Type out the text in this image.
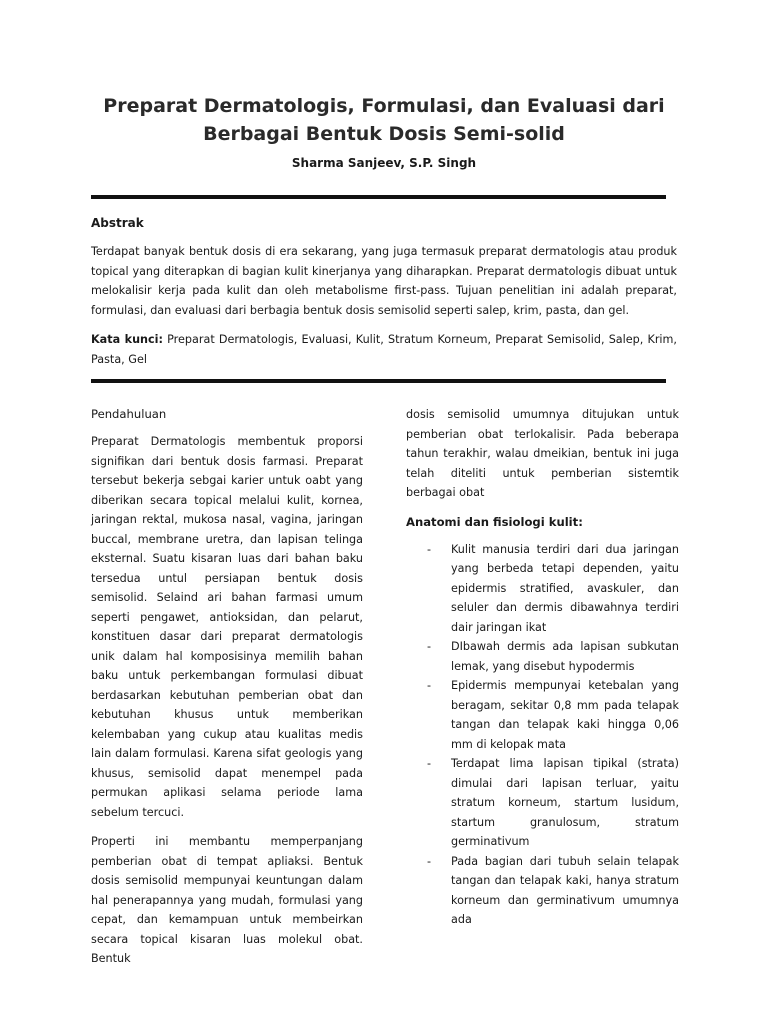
Preparat Dermatologis, Formulasi, dan Evaluasi dari Berbagai Bentuk Dosis Semi-solid

Sharma Sanjeev, S.P. Singh

Abstrak

Terdapat banyak bentuk dosis di era sekarang, yang juga termasuk preparat dermatologis atau produk topical yang diterapkan di bagian kulit kinerjanya yang diharapkan. Preparat dermatologis dibuat untuk melokalisir kerja pada kulit dan oleh metabolisme first-pass. Tujuan penelitian ini adalah preparat, formulasi, dan evaluasi dari berbagia bentuk dosis semisolid seperti salep, krim, pasta, dan gel.

Kata kunci: Preparat Dermatologis, Evaluasi, Kulit, Stratum Korneum, Preparat Semisolid, Salep, Krim, Pasta, Gel

Pendahuluan

Preparat Dermatologis membentuk proporsi signifikan dari bentuk dosis farmasi. Preparat tersebut bekerja sebgai karier untuk oabt yang diberikan secara topical melalui kulit, kornea, jaringan rektal, mukosa nasal, vagina, jaringan buccal, membrane uretra, dan lapisan telinga eksternal. Suatu kisaran luas dari bahan baku tersedua untul persiapan bentuk dosis semisolid. Selaind ari bahan farmasi umum seperti pengawet, antioksidan, dan pelarut, konstituen dasar dari preparat dermatologis unik dalam hal komposisinya memilih bahan baku untuk perkembangan formulasi dibuat berdasarkan kebutuhan pemberian obat dan kebutuhan khusus untuk memberikan kelembaban yang cukup atau kualitas medis lain dalam formulasi. Karena sifat geologis yang khusus, semisolid dapat menempel pada permukan aplikasi selama periode lama sebelum tercuci.

Properti ini membantu memperpanjang pemberian obat di tempat apliaksi. Bentuk dosis semisolid mempunyai keuntungan dalam hal penerapannya yang mudah, formulasi yang cepat, dan kemampuan untuk membeirkan secara topical kisaran luas molekul obat. Bentuk

dosis semisolid umumnya ditujukan untuk pemberian obat terlokalisir. Pada beberapa tahun terakhir, walau dmeikian, bentuk ini juga telah diteliti untuk pemberian sistemtik berbagai obat

Anatomi dan fisiologi kulit:
- Kulit manusia terdiri dari dua jaringan yang berbeda tetapi dependen, yaitu epidermis stratified, avaskuler, dan seluler dan dermis dibawahnya terdiri dair jaringan ikat
- DIbawah dermis ada lapisan subkutan lemak, yang disebut hypodermis
- Epidermis mempunyai ketebalan yang beragam, sekitar 0,8 mm pada telapak tangan dan telapak kaki hingga 0,06 mm di kelopak mata
- Terdapat lima lapisan tipikal (strata) dimulai dari lapisan terluar, yaitu stratum korneum, startum lusidum, startum granulosum, stratum germinativum
- Pada bagian dari tubuh selain telapak tangan dan telapak kaki, hanya stratum korneum dan germinativum umumnya ada
